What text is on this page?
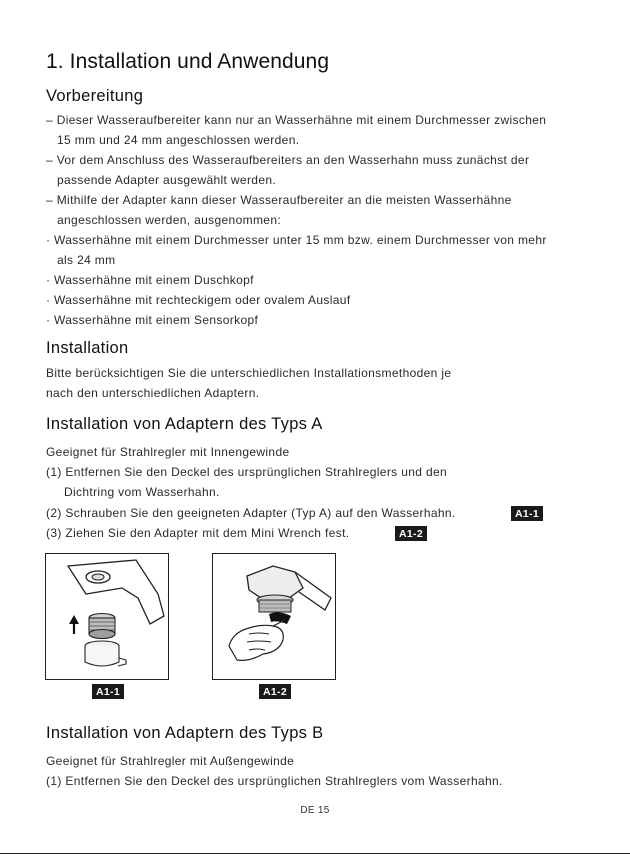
1. Installation und Anwendung
Vorbereitung
– Dieser Wasseraufbereiter kann nur an Wasserhähne mit einem Durchmesser zwischen
15 mm und 24 mm angeschlossen werden.
– Vor dem Anschluss des Wasseraufbereiters an den Wasserhahn muss zunächst der
passende Adapter ausgewählt werden.
– Mithilfe der Adapter kann dieser Wasseraufbereiter an die meisten Wasserhähne
angeschlossen werden, ausgenommen:
· Wasserhähne mit einem Durchmesser unter 15 mm bzw. einem Durchmesser von mehr
als 24 mm
· Wasserhähne mit einem Duschkopf
· Wasserhähne mit rechteckigem oder ovalem Auslauf
· Wasserhähne mit einem Sensorkopf
Installation
Bitte berücksichtigen Sie die unterschiedlichen Installationsmethoden je
nach den unterschiedlichen Adaptern.
Installation von Adaptern des Typs A
Geeignet für Strahlregler mit Innengewinde
(1) Entfernen Sie den Deckel des ursprünglichen Strahlreglers und den
Dichtring vom Wasserhahn.
(2) Schrauben Sie den geeigneten Adapter (Typ A) auf den Wasserhahn.	A1-1
(3) Ziehen Sie den Adapter mit dem Mini Wrench fest.	A1-2
A1-1	A1-2
Installation von Adaptern des Typs B
Geeignet für Strahlregler mit Außengewinde
(1) Entfernen Sie den Deckel des ursprünglichen Strahlreglers vom Wasserhahn.
DE 15
